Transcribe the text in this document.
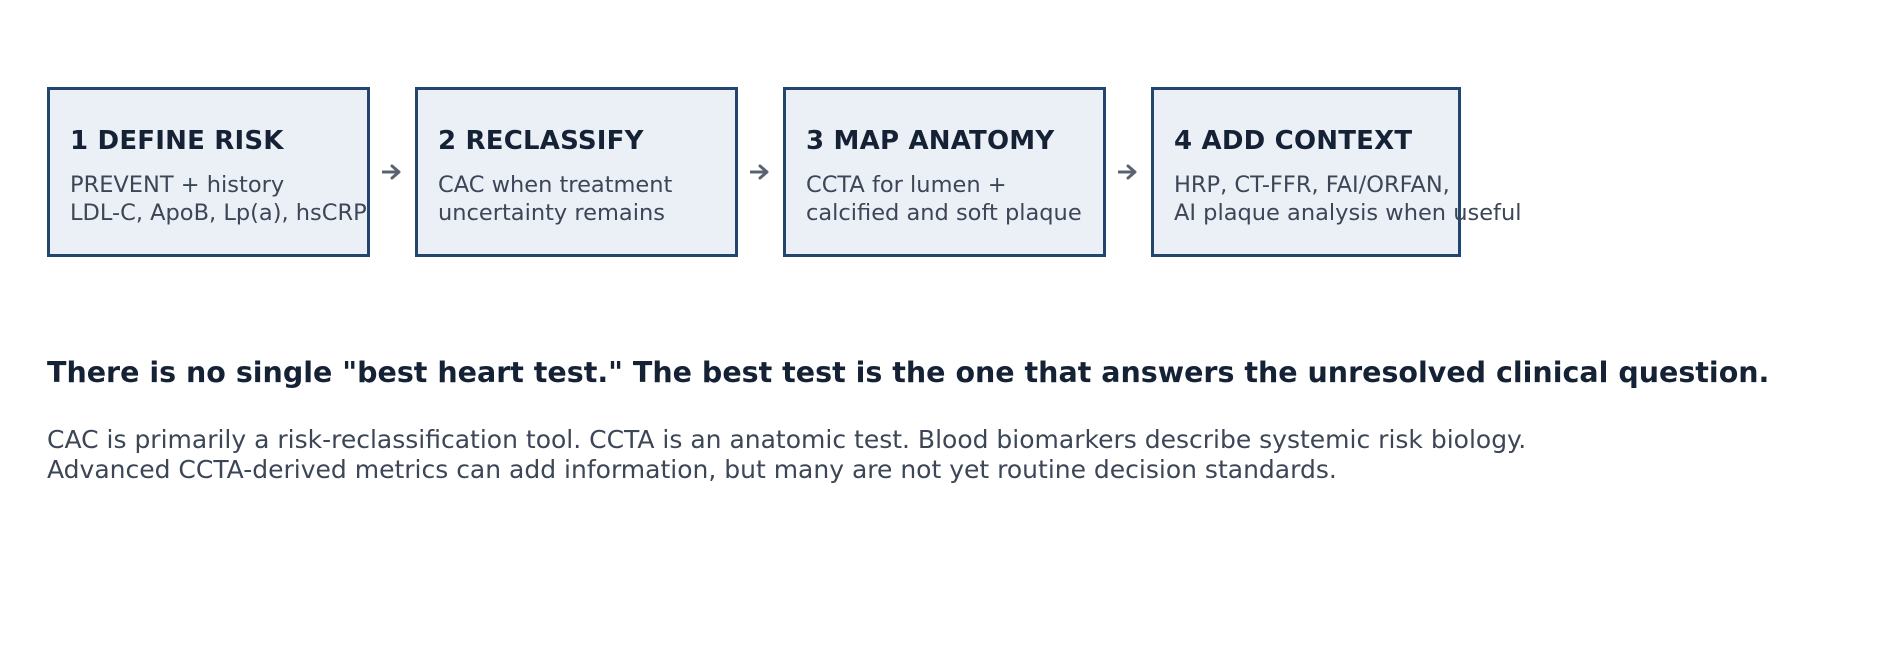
1 DEFINE RISK
PREVENT + history
LDL-C, ApoB, Lp(a), hsCRP
2 RECLASSIFY
CAC when treatment
uncertainty remains
3 MAP ANATOMY
CCTA for lumen +
calcified and soft plaque
4 ADD CONTEXT
HRP, CT-FFR, FAI/ORFAN,
AI plaque analysis when useful
There is no single "best heart test." The best test is the one that answers the unresolved clinical question.
CAC is primarily a risk-reclassification tool. CCTA is an anatomic test. Blood biomarkers describe systemic risk biology.
Advanced CCTA-derived metrics can add information, but many are not yet routine decision standards.
